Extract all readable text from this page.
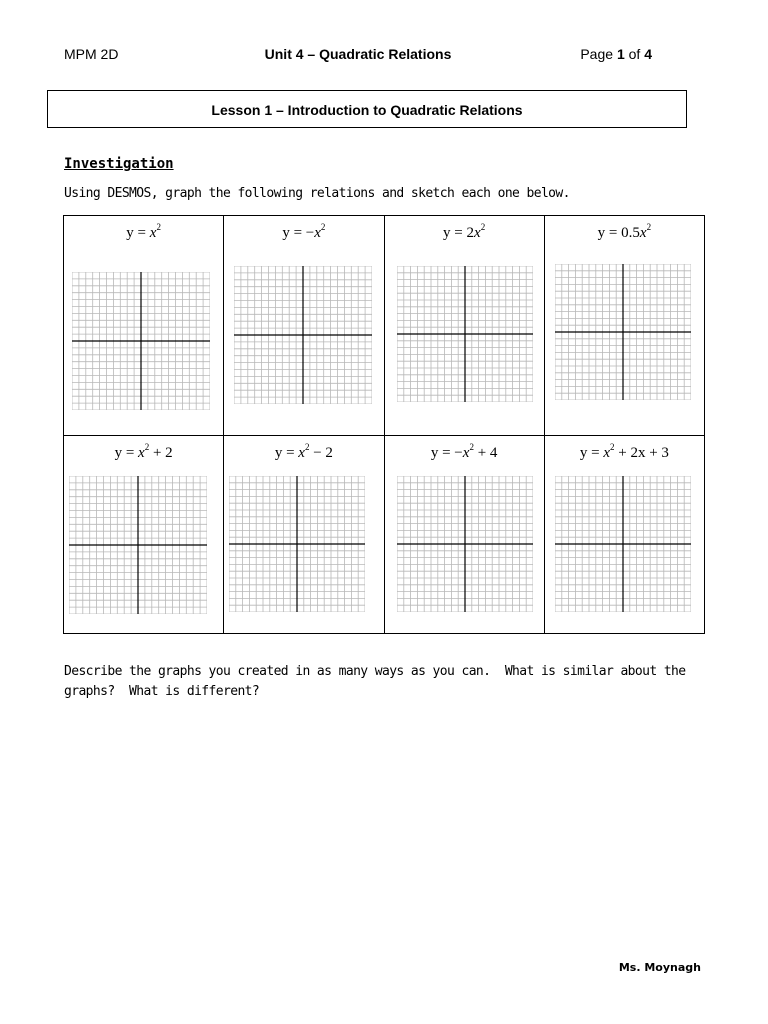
MPM 2D	Unit 4 – Quadratic Relations	Page 1 of 4
Lesson 1 – Introduction to Quadratic Relations
Investigation
Using DESMOS, graph the following relations and sketch each one below.
$y = x^2$	$y = -x^2$	$y = 2x^2$	$y = 0.5x^2$

$y = x^2 + 2$	$y = x^2 - 2$	$y = -x^2 + 4$	$y = x^2 + 2x + 3$
Describe the graphs you created in as many ways as you can.  What is similar about the
graphs?  What is different?
Ms. Moynagh
